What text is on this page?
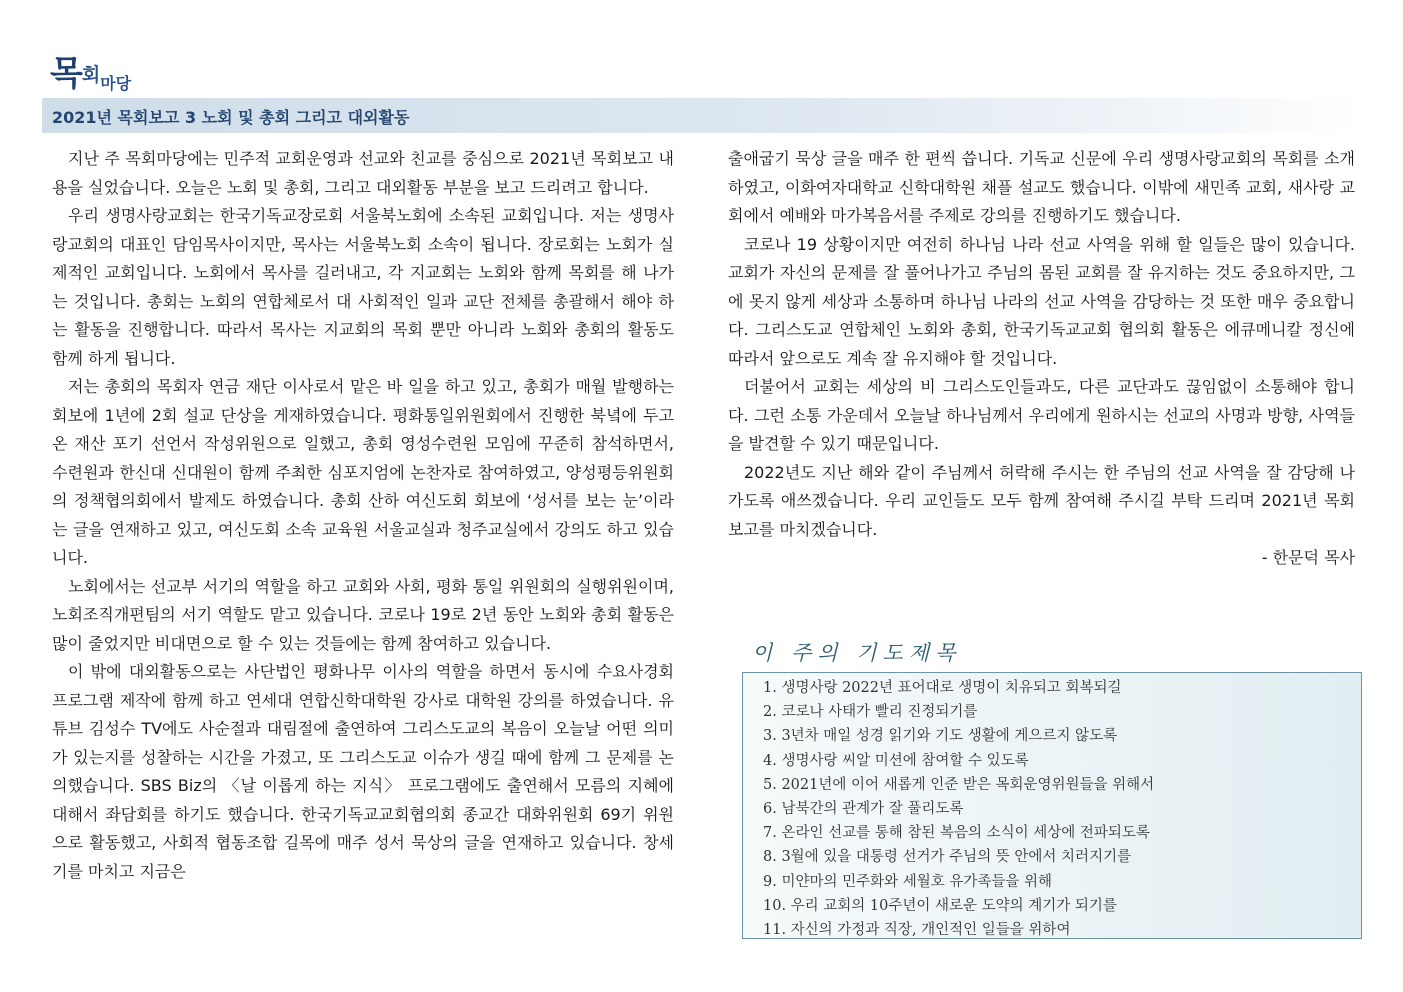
목회마당
2021년 목회보고 3 노회 및 총회 그리고 대외활동

지난 주 목회마당에는 민주적 교회운영과 선교와 친교를 중심으로 2021년 목회보고 내용을 실었습니다. 오늘은 노회 및 총회, 그리고 대외활동 부분을 보고 드리려고 합니다.

우리 생명사랑교회는 한국기독교장로회 서울북노회에 소속된 교회입니다. 저는 생명사랑교회의 대표인 담임목사이지만, 목사는 서울북노회 소속이 됩니다. 장로회는 노회가 실제적인 교회입니다. 노회에서 목사를 길러내고, 각 지교회는 노회와 함께 목회를 해 나가는 것입니다. 총회는 노회의 연합체로서 대 사회적인 일과 교단 전체를 총괄해서 해야 하는 활동을 진행합니다. 따라서 목사는 지교회의 목회 뿐만 아니라 노회와 총회의 활동도 함께 하게 됩니다.

저는 총회의 목회자 연금 재단 이사로서 맡은 바 일을 하고 있고, 총회가 매월 발행하는 회보에 1년에 2회 설교 단상을 게재하였습니다. 평화통일위원회에서 진행한 북녘에 두고 온 재산 포기 선언서 작성위원으로 일했고, 총회 영성수련원 모임에 꾸준히 참석하면서, 수련원과 한신대 신대원이 함께 주최한 심포지엄에 논찬자로 참여하였고, 양성평등위원회의 정책협의회에서 발제도 하였습니다. 총회 산하 여신도회 회보에 ‘성서를 보는 눈’이라는 글을 연재하고 있고, 여신도회 소속 교육원 서울교실과 청주교실에서 강의도 하고 있습니다.

노회에서는 선교부 서기의 역할을 하고 교회와 사회, 평화 통일 위원회의 실행위원이며, 노회조직개편팀의 서기 역할도 맡고 있습니다. 코로나 19로 2년 동안 노회와 총회 활동은 많이 줄었지만 비대면으로 할 수 있는 것들에는 함께 참여하고 있습니다.

이 밖에 대외활동으로는 사단법인 평화나무 이사의 역할을 하면서 동시에 수요사경회 프로그램 제작에 함께 하고 연세대 연합신학대학원 강사로 대학원 강의를 하였습니다. 유튜브 김성수 TV에도 사순절과 대림절에 출연하여 그리스도교의 복음이 오늘날 어떤 의미가 있는지를 성찰하는 시간을 가졌고, 또 그리스도교 이슈가 생길 때에 함께 그 문제를 논의했습니다. SBS Biz의 〈날 이롭게 하는 지식〉 프로그램에도 출연해서 모름의 지혜에 대해서 좌담회를 하기도 했습니다. 한국기독교교회협의회 종교간 대화위원회 69기 위원으로 활동했고, 사회적 협동조합 길목에 매주 성서 묵상의 글을 연재하고 있습니다. 창세기를 마치고 지금은

출애굽기 묵상 글을 매주 한 편씩 씁니다. 기독교 신문에 우리 생명사랑교회의 목회를 소개하였고, 이화여자대학교 신학대학원 채플 설교도 했습니다. 이밖에 새민족 교회, 새사랑 교회에서 예배와 마가복음서를 주제로 강의를 진행하기도 했습니다.

코로나 19 상황이지만 여전히 하나님 나라 선교 사역을 위해 할 일들은 많이 있습니다. 교회가 자신의 문제를 잘 풀어나가고 주님의 몸된 교회를 잘 유지하는 것도 중요하지만, 그에 못지 않게 세상과 소통하며 하나님 나라의 선교 사역을 감당하는 것 또한 매우 중요합니다. 그리스도교 연합체인 노회와 총회, 한국기독교교회 협의회 활동은 에큐메니칼 정신에 따라서 앞으로도 계속 잘 유지해야 할 것입니다.

더불어서 교회는 세상의 비 그리스도인들과도, 다른 교단과도 끊임없이 소통해야 합니다. 그런 소통 가운데서 오늘날 하나님께서 우리에게 원하시는 선교의 사명과 방향, 사역들을 발견할 수 있기 때문입니다.

2022년도 지난 해와 같이 주님께서 허락해 주시는 한 주님의 선교 사역을 잘 감당해 나가도록 애쓰겠습니다. 우리 교인들도 모두 함께 참여해 주시길 부탁 드리며 2021년 목회 보고를 마치겠습니다.

- 한문덕 목사

이 주의 기도제목
1. 생명사랑 2022년 표어대로 생명이 치유되고 회복되길
2. 코로나 사태가 빨리 진정되기를
3. 3년차 매일 성경 읽기와 기도 생활에 게으르지 않도록
4. 생명사랑 씨알 미션에 참여할 수 있도록
5. 2021년에 이어 새롭게 인준 받은 목회운영위원들을 위해서
6. 남북간의 관계가 잘 풀리도록
7. 온라인 선교를 통해 참된 복음의 소식이 세상에 전파되도록
8. 3월에 있을 대통령 선거가 주님의 뜻 안에서 치러지기를
9. 미얀마의 민주화와 세월호 유가족들을 위해
10. 우리 교회의 10주년이 새로운 도약의 계기가 되기를
11. 자신의 가정과 직장, 개인적인 일들을 위하여
